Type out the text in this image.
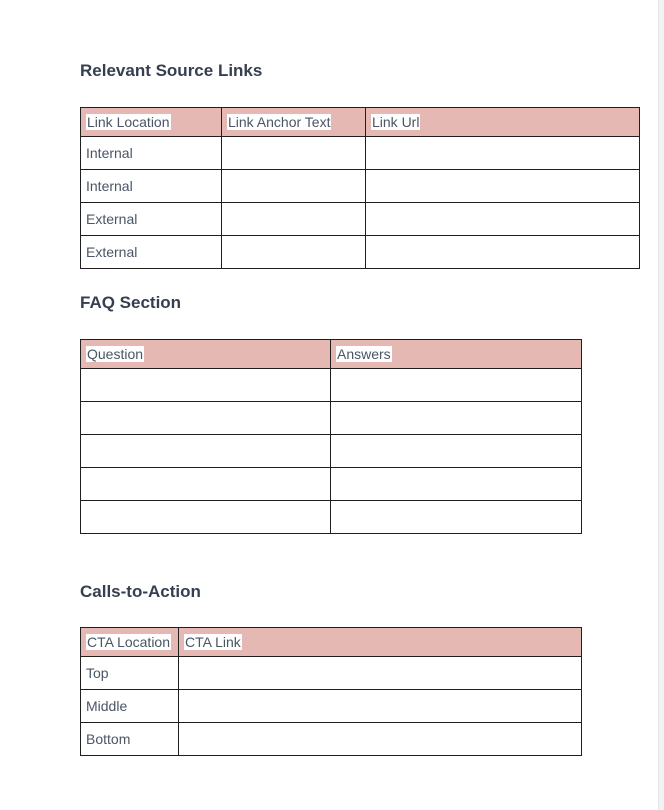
Relevant Source Links
Link Location	Link Anchor Text	Link Url
Internal		
Internal		
External		
External		
FAQ Section
Question	Answers

Calls-to-Action
CTA Location	CTA Link
Top	
Middle	
Bottom	
